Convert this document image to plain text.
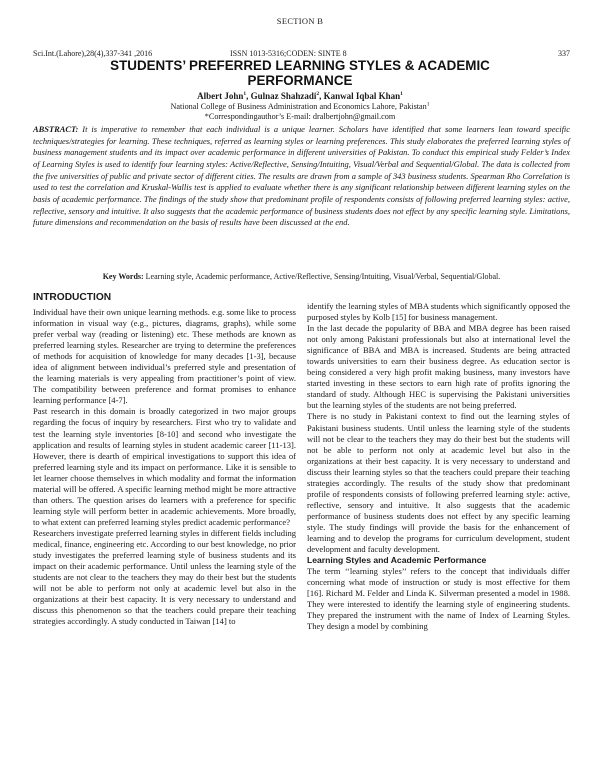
SECTION B
Sci.Int.(Lahore),28(4),337-341 ,2016	ISSN 1013-5316;CODEN: SINTE 8	337
STUDENTS’ PREFERRED LEARNING STYLES & ACADEMIC PERFORMANCE
Albert John$^1$, Gulnaz Shahzadi$^2$, Kanwal Iqbal Khan$^1$
National College of Business Administration and Economics Lahore, Pakistan$^1$
*Correspondingauthor’s E-mail: dralbertjohn@gmail.com

ABSTRACT: It is imperative to remember that each individual is a unique learner. Scholars have identified that some learners lean toward specific techniques/strategies for learning. These techniques, referred as learning styles or learning preferences. This study elaborates the preferred learning styles of business management students and its impact over academic performance in different universities of Pakistan. To conduct this empirical study Felder’s Index of Learning Styles is used to identify four learning styles: Active/Reflective, Sensing/Intuiting, Visual/Verbal and Sequential/Global. The data is collected from the five universities of public and private sector of different cities. The results are drawn from a sample of 343 business students. Spearman Rho Correlation is used to test the correlation and Kruskal-Wallis test is applied to evaluate whether there is any significant relationship between different learning styles on the basis of academic performance. The findings of the study show that predominant profile of respondents consists of following preferred learning styles: active, reflective, sensory and intuitive. It also suggests that the academic performance of business students does not effect by any specific learning style. Limitations, future dimensions and recommendation on the basis of results have been discussed at the end.

Key Words: Learning style, Academic performance, Active/Reflective, Sensing/Intuiting, Visual/Verbal, Sequential/Global.

INTRODUCTION

Individual have their own unique learning methods. e.g. some like to process information in visual way (e.g., pictures, diagrams, graphs), while some prefer verbal way (reading or listening) etc. These methods are known as preferred learning styles. Researcher are trying to determine the preferences of methods for acquisition of knowledge for many decades [1-3], because idea of alignment between individual’s preferred style and presentation of the learning materials is very appealing from practitioner’s point of view. The compatibility between preference and format promises to enhance learning performance [4-7].

Past research in this domain is broadly categorized in two major groups regarding the focus of inquiry by researchers. First who try to validate and test the learning style inventories [8-10] and second who investigate the application and results of learning styles in student academic career [11-13]. However, there is dearth of empirical investigations to support this idea of preferred learning style and its impact on performance. Like it is sensible to let learner choose themselves in which modality and format the information material will be offered. A specific learning method might be more attractive than others. The question arises do learners with a preference for specific learning style will perform better in academic achievements. More broadly, to what extent can preferred learning styles predict academic performance?

Researchers investigate preferred learning styles in different fields including medical, finance, engineering etc. According to our best knowledge, no prior study investigates the preferred learning style of business students and its impact on their academic performance. Until unless the learning style of the students are not clear to the teachers they may do their best but the students will not be able to perform not only at academic level but also in the organizations at their best capacity. It is very necessary to understand and discuss this phenomenon so that the teachers could prepare their teaching strategies accordingly. A study conducted in Taiwan [14] to

identify the learning styles of MBA students which significantly opposed the purposed styles by Kolb [15] for business management.

In the last decade the popularity of BBA and MBA degree has been raised not only among Pakistani professionals but also at international level the significance of BBA and MBA is increased. Students are being attracted towards universities to earn their business degree. As education sector is being considered a very high profit making business, many investors have started investing in these sectors to earn high rate of profits ignoring the standard of study. Although HEC is supervising the Pakistani universities but the learning styles of the students are not being preferred.

There is no study in Pakistani context to find out the learning styles of Pakistani business students. Until unless the learning style of the students will not be clear to the teachers they may do their best but the students will not be able to perform not only at academic level but also in the organizations at their best capacity. It is very necessary to understand and discuss their learning styles so that the teachers could prepare their teaching strategies accordingly. The results of the study show that predominant profile of respondents consists of following preferred learning style: active, reflective, sensory and intuitive. It also suggests that the academic performance of business students does not effect by any specific learning style. The study findings will provide the basis for the enhancement of learning and to develop the programs for curriculum development, student development and faculty development.

Learning Styles and Academic Performance

The term ‘‘learning styles’’ refers to the concept that individuals differ concerning what mode of instruction or study is most effective for them [16]. Richard M. Felder and Linda K. Silverman presented a model in 1988. They were interested to identify the learning style of engineering students. They prepared the instrument with the name of Index of Learning Styles. They design a model by combining
